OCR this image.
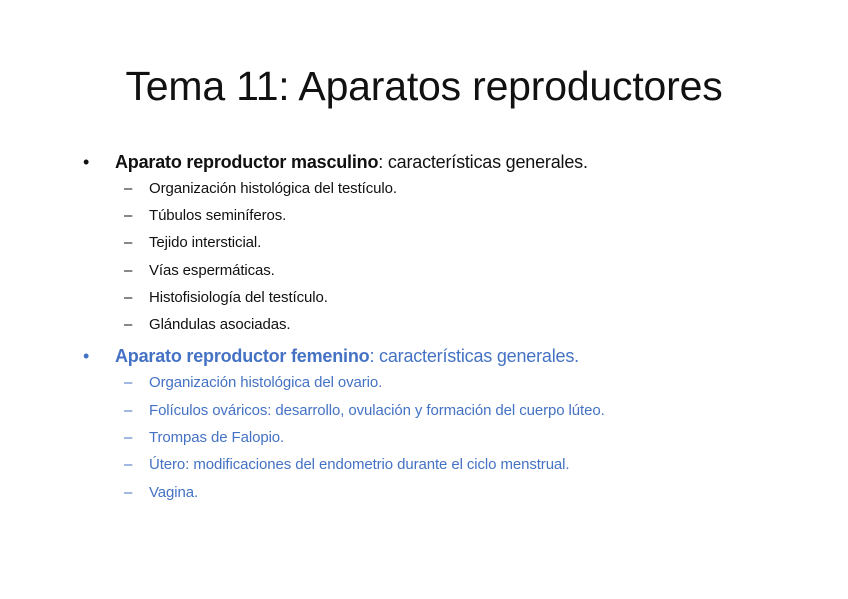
Tema 11: Aparatos reproductores
• Aparato reproductor masculino: características generales.
– Organización histológica del testículo.
– Túbulos seminíferos.
– Tejido intersticial.
– Vías espermáticas.
– Histofisiología del testículo.
– Glándulas asociadas.
• Aparato reproductor femenino: características generales.
– Organización histológica del ovario.
– Folículos ováricos: desarrollo, ovulación y formación del cuerpo lúteo.
– Trompas de Falopio.
– Útero: modificaciones del endometrio durante el ciclo menstrual.
– Vagina.
